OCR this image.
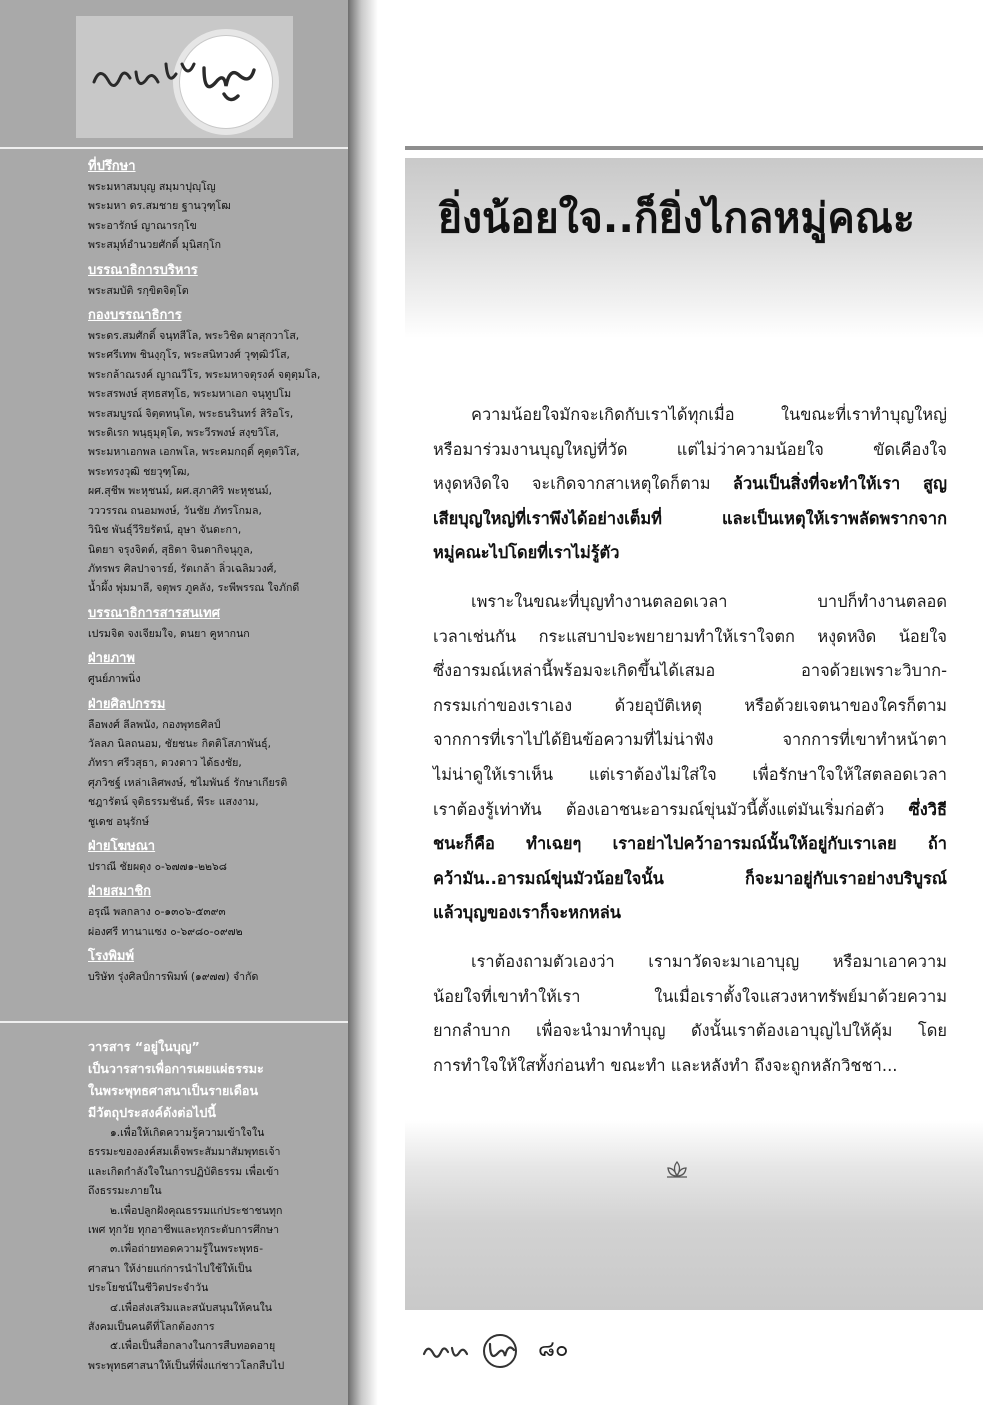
ที่ปรึกษา
พระมหาสมบุญ สมฺมาปุญฺโญ
พระมหา ดร.สมชาย ฐานวุฑฺโฒ
พระอารักษ์ ญาณารกฺโข
พระสมุห์อำนวยศักดิ์ มุนิสกฺโก
บรรณาธิการบริหาร
พระสมบัติ รกฺขิตจิตฺโต
กองบรรณาธิการ
พระดร.สมศักดิ์ จนฺทสีโล, พระวิชิต ผาสุกวาโส,
พระศรีเทพ ชินงฺกุโร, พระสนิทวงศ์ วุฑฺฒิวํโส,
พระกล้าณรงค์ ญาณวีโร, พระมหาจตุรงค์ จตุตฺมโล,
พระสรพงษ์ สุทธสทฺโธ, พระมหาเอก จนฺทูปโม
พระสมบูรณ์ จิตฺตทนฺโต, พระธนรินทร์ สิริอโร,
พระดิเรก พนฺธุมุตฺโต, พระวีรพงษ์ สงฺขวิโส,
พระมหาเอกพล เอกพโล, พระคมกฤดิ์ คุตฺตวิโส,
พระทรงวุฒิ ชยวุฑฺโฒ,
ผศ.สุชีพ พะหุชนม์, ผศ.สุภาศิริ พะหุชนม์,
วววรรณ ถนอมพงษ์, วันชัย ภัทรโกมล,
วินิช พันธุ์วีริยรัตน์, อุษา จันดะกา,
นิตยา จรุงจิตต์, สุธิดา จินดากิจนุกูล,
ภัทรพร ศิลปาจารย์, รัตเกล้า ลิ่วเฉลิมวงศ์,
น้ำผึ้ง พุ่มมาลี, จตุพร ภูคลัง, ระพีพรรณ ใจภักดี
บรรณาธิการสารสนเทศ
เปรมจิต จงเจียมใจ, ดนยา คูหากนก
ฝ่ายภาพ
ศูนย์ภาพนิ่ง
ฝ่ายศิลปกรรม
ลือพงศ์ ลีลพนัง, กองพุทธศิลป์
วัลลภ นิลถนอม, ชัยชนะ กิตติโสภาพันธุ์,
ภัทรา ศรีวสุธา, ดวงดาว ได้ธงชัย,
ศุภวิชฐ์ เหล่าเลิศพงษ์, ชไมพันธ์ รักษาเกียรติ
ชฎารัตน์ จุติธรรมชันธ์, พีระ แสงงาม,
ชูเดช อนุรักษ์
ฝ่ายโฆษณา
ปราณี ชัยผดุง ๐-๖๗๗๑-๒๒๖๘
ฝ่ายสมาชิก
อรุณี พลกลาง ๐-๑๓๐๖-๕๓๙๓
ผ่องศรี ทานาแซง ๐-๖๙๘๐-๐๙๗๒
โรงพิมพ์
บริษัท รุ่งศิลป์การพิมพ์ (๑๙๗๗) จำกัด
วารสาร “อยู่ในบุญ”
เป็นวารสารเพื่อการเผยแผ่ธรรมะ
ในพระพุทธศาสนาเป็นรายเดือน
มีวัตถุประสงค์ดังต่อไปนี้
๑.เพื่อให้เกิดความรู้ความเข้าใจใน
ธรรมะขององค์สมเด็จพระสัมมาสัมพุทธเจ้า
และเกิดกำลังใจในการปฏิบัติธรรม เพื่อเข้า
ถึงธรรมะภายใน
๒.เพื่อปลูกฝังคุณธรรมแก่ประชาชนทุก
เพศ ทุกวัย ทุกอาชีพและทุกระดับการศึกษา
๓.เพื่อถ่ายทอดความรู้ในพระพุทธ-
ศาสนา ให้ง่ายแก่การนำไปใช้ให้เป็น
ประโยชน์ในชีวิตประจำวัน
๔.เพื่อส่งเสริมและสนับสนุนให้คนใน
สังคมเป็นคนดีที่โลกต้องการ
๕.เพื่อเป็นสื่อกลางในการสืบทอดอายุ
พระพุทธศาสนาให้เป็นที่พึ่งแก่ชาวโลกสืบไป
ยิ่งน้อยใจ..ก็ยิ่งไกลหมู่คณะ
ความน้อยใจมักจะเกิดกับเราได้ทุกเมื่อ ในขณะที่เราทำบุญใหญ่
หรือมาร่วมงานบุญใหญ่ที่วัด แต่ไม่ว่าความน้อยใจ ขัดเคืองใจ
หงุดหงิดใจ จะเกิดจากสาเหตุใดก็ตาม ล้วนเป็นสิ่งที่จะทำให้เรา สูญ
เสียบุญใหญ่ที่เราพึงได้อย่างเต็มที่ และเป็นเหตุให้เราพลัดพรากจาก
หมู่คณะไปโดยที่เราไม่รู้ตัว
เพราะในขณะที่บุญทำงานตลอดเวลา บาปก็ทำงานตลอด
เวลาเช่นกัน กระแสบาปจะพยายามทำให้เราใจตก หงุดหงิด น้อยใจ
ซึ่งอารมณ์เหล่านี้พร้อมจะเกิดขึ้นได้เสมอ อาจด้วยเพราะวิบาก-
กรรมเก่าของเราเอง ด้วยอุบัติเหตุ หรือด้วยเจตนาของใครก็ตาม
จากการที่เราไปได้ยินข้อความที่ไม่น่าฟัง จากการที่เขาทำหน้าตา
ไม่น่าดูให้เราเห็น แต่เราต้องไม่ใส่ใจ เพื่อรักษาใจให้ใสตลอดเวลา
เราต้องรู้เท่าทัน ต้องเอาชนะอารมณ์ขุ่นมัวนี้ตั้งแต่มันเริ่มก่อตัว ซึ่งวิธี
ชนะก็คือ ทำเฉยๆ เราอย่าไปคว้าอารมณ์นั้นให้อยู่กับเราเลย ถ้า
คว้ามัน..อารมณ์ขุ่นมัวน้อยใจนั้น ก็จะมาอยู่กับเราอย่างบริบูรณ์
แล้วบุญของเราก็จะหกหล่น
เราต้องถามตัวเองว่า เรามาวัดจะมาเอาบุญ หรือมาเอาความ
น้อยใจที่เขาทำให้เรา ในเมื่อเราตั้งใจแสวงหาทรัพย์มาด้วยความ
ยากลำบาก เพื่อจะนำมาทำบุญ ดังนั้นเราต้องเอาบุญไปให้คุ้ม โดย
การทำใจให้ใสทั้งก่อนทำ ขณะทำ และหลังทำ ถึงจะถูกหลักวิชชา...
๘๐
